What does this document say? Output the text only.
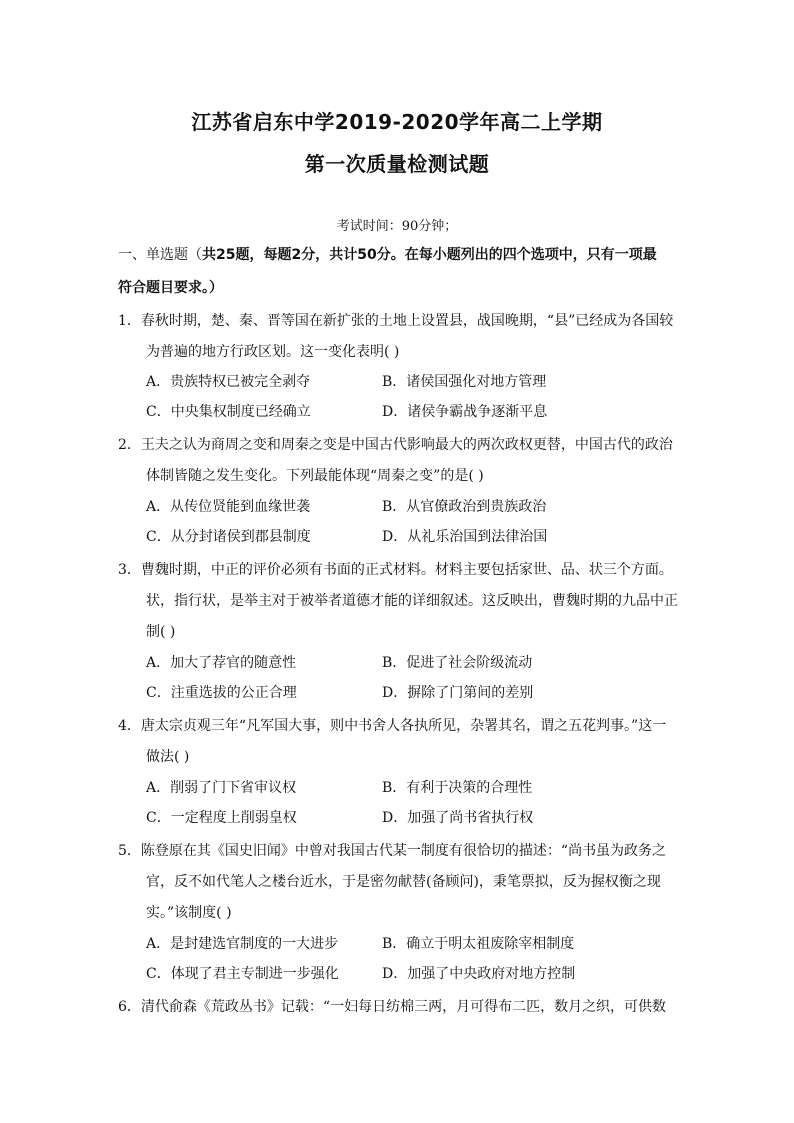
江苏省启东中学2019-2020学年高二上学期
第一次质量检测试题
考试时间：90分钟；
一、单选题（共25题，每题2分，共计50分。在每小题列出的四个选项中，只有一项最
符合题目要求。）
1．春秋时期，楚、秦、晋等国在新扩张的土地上设置县，战国晚期，“县”已经成为各国较
为普遍的地方行政区划。这一变化表明( )
A．贵族特权已被完全剥夺	B．诸侯国强化对地方管理
C．中央集权制度已经确立	D．诸侯争霸战争逐渐平息
2．王夫之认为商周之变和周秦之变是中国古代影响最大的两次政权更替，中国古代的政治
体制皆随之发生变化。下列最能体现“周秦之变”的是( )
A．从传位贤能到血缘世袭	B．从官僚政治到贵族政治
C．从分封诸侯到郡县制度	D．从礼乐治国到法律治国
3．曹魏时期，中正的评价必须有书面的正式材料。材料主要包括家世、品、状三个方面。
状，指行状，是举主对于被举者道德才能的详细叙述。这反映出，曹魏时期的九品中正
制( )
A．加大了荐官的随意性	B．促进了社会阶级流动
C．注重选拔的公正合理	D．摒除了门第间的差别
4．唐太宗贞观三年“凡军国大事，则中书舍人各执所见，杂署其名，谓之五花判事。”这一
做法( )
A．削弱了门下省审议权	B．有利于决策的合理性
C．一定程度上削弱皇权	D．加强了尚书省执行权
5．陈登原在其《国史旧闻》中曾对我国古代某一制度有很恰切的描述：“尚书虽为政务之
官，反不如代笔人之楼台近水，于是密勿献替(备顾问)，秉笔票拟，反为握权衡之现
实。”该制度( )
A．是封建选官制度的一大进步	B．确立于明太祖废除宰相制度
C．体现了君主专制进一步强化	D．加强了中央政府对地方控制
6．清代俞森《荒政丛书》记载：“一妇每日纺棉三两，月可得布二匹，数月之织，可供数
